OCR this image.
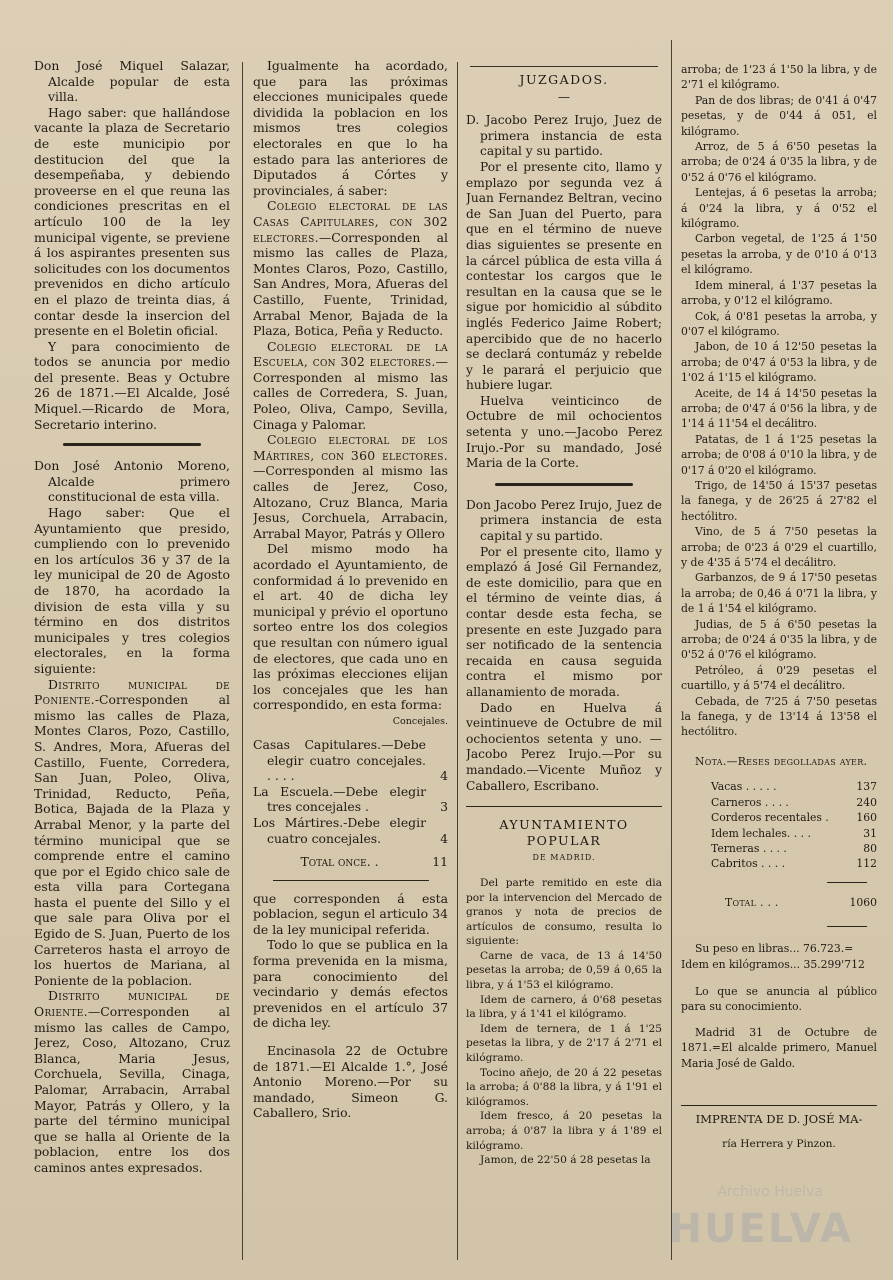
Don José Miquel Salazar, Alcalde popular de esta villa.

Hago saber: que hallándose vacante la plaza de Secretario de este municipio por destitucion del que la desempeñaba, y debiendo proveerse en el que reuna las condiciones prescritas en el artículo 100 de la ley municipal vigente, se previene á los aspirantes presenten sus solicitudes con los documentos prevenidos en dicho artículo en el plazo de treinta dias, á contar desde la insercion del presente en el Boletin oficial.

Y para conocimiento de todos se anuncia por medio del presente. Beas y Octubre 26 de 1871.—El Alcalde, José Miquel.—Ricardo de Mora, Secretario interino.

Don José Antonio Moreno, Alcalde primero constitucional de esta villa.

Hago saber: Que el Ayuntamiento que presido, cumpliendo con lo prevenido en los artículos 36 y 37 de la ley municipal de 20 de Agosto de 1870, ha acordado la division de esta villa y su término en dos distritos municipales y tres colegios electorales, en la forma siguiente:

Distrito municipal de Poniente.-Corresponden al mismo las calles de Plaza, Montes Claros, Pozo, Castillo, S. Andres, Mora, Afueras del Castillo, Fuente, Corredera, San Juan, Poleo, Oliva, Trinidad, Reducto, Peña, Botica, Bajada de la Plaza y Arrabal Menor, y la parte del término municipal que se comprende entre el camino que por el Egido chico sale de esta villa para Cortegana hasta el puente del Sillo y el que sale para Oliva por el Egido de S. Juan, Puerto de los Carreteros hasta el arroyo de los huertos de Mariana, al Poniente de la poblacion.

Distrito municipal de Oriente.—Corresponden al mismo las calles de Campo, Jerez, Coso, Altozano, Cruz Blanca, Maria Jesus, Corchuela, Sevilla, Cinaga, Palomar, Arrabacin, Arrabal Mayor, Patrás y Ollero, y la parte del término municipal que se halla al Oriente de la poblacion, entre los dos caminos antes expresados.

Igualmente ha acordado, que para las próximas elecciones municipales quede dividida la poblacion en los mismos tres colegios electorales en que lo ha estado para las anteriores de Diputados á Córtes y provinciales, á saber:

Colegio electoral de las Casas Capitulares, con 302 electores.—Corresponden al mismo las calles de Plaza, Montes Claros, Pozo, Castillo, San Andres, Mora, Afueras del Castillo, Fuente, Trinidad, Arrabal Menor, Bajada de la Plaza, Botica, Peña y Reducto.

Colegio electoral de la Escuela, con 302 electores.—Corresponden al mismo las calles de Corredera, S. Juan, Poleo, Oliva, Campo, Sevilla, Cinaga y Palomar.

Colegio electoral de los Mártires, con 360 electores.—Corresponden al mismo las calles de Jerez, Coso, Altozano, Cruz Blanca, Maria Jesus, Corchuela, Arrabacin, Arrabal Mayor, Patrás y Ollero

Del mismo modo ha acordado el Ayuntamiento, de conformidad á lo prevenido en el art. 40 de dicha ley municipal y prévio el oportuno sorteo entre los dos colegios que resultan con número igual de electores, que cada uno en las próximas elecciones elijan los concejales que les han correspondido, en esta forma:

Concejales.
Casas Capitulares.—Debe elegir cuatro concejales. . . . .	4
La Escuela.—Debe elegir tres concejales .	3
Los Mártires.-Debe elegir cuatro concejales.	4
Total once. .	11

que corresponden á esta poblacion, segun el articulo 34 de la ley municipal referida.

Todo lo que se publica en la forma prevenida en la misma, para conocimiento del vecindario y demás efectos prevenidos en el artículo 37 de dicha ley.

Encinasola 22 de Octubre de 1871.—El Alcalde 1.°, José Antonio Moreno.—Por su mandado, Simeon G. Caballero, Srio.

JUZGADOS.
—

D. Jacobo Perez Irujo, Juez de primera instancia de esta capital y su partido.

Por el presente cito, llamo y emplazo por segunda vez á Juan Fernandez Beltran, vecino de San Juan del Puerto, para que en el término de nueve dias siguientes se presente en la cárcel pública de esta villa á contestar los cargos que le resultan en la causa que se le sigue por homicidio al súbdito inglés Federico Jaime Robert; apercibido que de no hacerlo se declará contumáz y rebelde y le parará el perjuicio que hubiere lugar.

Huelva veinticinco de Octubre de mil ochocientos setenta y uno.—Jacobo Perez Irujo.-Por su mandado, José Maria de la Corte.

Don Jacobo Perez Irujo, Juez de primera instancia de esta capital y su partido.

Por el presente cito, llamo y emplazó á José Gil Fernandez, de este domicilio, para que en el término de veinte dias, á contar desde esta fecha, se presente en este Juzgado para ser notificado de la sentencia recaida en causa seguida contra el mismo por allanamiento de morada.

Dado en Huelva á veintinueve de Octubre de mil ochocientos setenta y uno. —Jacobo Perez Irujo.—Por su mandado.—Vicente Muñoz y Caballero, Escribano.

AYUNTAMIENTO POPULAR
DE MADRID.

Del parte remitido en este dia por la intervencion del Mercado de granos y nota de precios de artículos de consumo, resulta lo siguiente:

Carne de vaca, de 13 á 14'50 pesetas la arroba; de 0,59 á 0,65 la libra, y á 1'53 el kilógramo.

Idem de carnero, á 0'68 pesetas la libra, y á 1'41 el kilógramo.

Idem de ternera, de 1 á 1'25 pesetas la libra, y de 2'17 á 2'71 el kilógramo.

Tocino añejo, de 20 á 22 pesetas la arroba; á 0'88 la libra, y á 1'91 el kilógramos.

Idem fresco, á 20 pesetas la arroba; á 0'87 la libra y á 1'89 el kilógramo.

Jamon, de 22'50 á 28 pesetas la

arroba; de 1'23 á 1'50 la libra, y de 2'71 el kilógramo.

Pan de dos libras; de 0'41 á 0'47 pesetas, y de 0'44 á 051, el kilógramo.

Arroz, de 5 á 6'50 pesetas la arroba; de 0'24 á 0'35 la libra, y de 0'52 á 0'76 el kilógramo.

Lentejas, á 6 pesetas la arroba; á 0'24 la libra, y á 0'52 el kilógramo.

Carbon vegetal, de 1'25 á 1'50 pesetas la arroba, y de 0'10 á 0'13 el kilógramo.

Idem mineral, á 1'37 pesetas la arroba, y 0'12 el kilógramo.

Cok, á 0'81 pesetas la arroba, y 0'07 el kilógramo.

Jabon, de 10 á 12'50 pesetas la arroba; de 0'47 á 0'53 la libra, y de 1'02 á 1'15 el kilógramo.

Aceite, de 14 á 14'50 pesetas la arroba; de 0'47 á 0'56 la libra, y de 1'14 á 11'54 el decálitro.

Patatas, de 1 á 1'25 pesetas la arroba; de 0'08 á 0'10 la libra, y de 0'17 á 0'20 el kilógramo.

Trigo, de 14'50 á 15'37 pesetas la fanega, y de 26'25 á 27'82 el hectólitro.

Vino, de 5 á 7'50 pesetas la arroba; de 0'23 á 0'29 el cuartillo, y de 4'35 á 5'74 el decálitro.

Garbanzos, de 9 á 17'50 pesetas la arroba; de 0,46 á 0'71 la libra, y de 1 á 1'54 el kilógramo.

Judias, de 5 á 6'50 pesetas la arroba; de 0'24 á 0'35 la libra, y de 0'52 á 0'76 el kilógramo.

Petróleo, á 0'29 pesetas el cuartillo, y á 5'74 el decálitro.

Cebada, de 7'25 á 7'50 pesetas la fanega, y de 13'14 á 13'58 el hectólitro.

Nota.—Reses degolladas ayer.

Vacas . . . . .	137
Carneros . . . .	240
Corderos recentales .	160
Idem lechales. . . .	31
Terneras . . . .	80
Cabritos . . . .	112
Total . . .	1060

Su peso en libras... 76.723.=

Idem en kilógramos... 35.299'712

Lo que se anuncia al público para su conocimiento.

Madrid 31 de Octubre de 1871.=El alcalde primero, Manuel Maria José de Galdo.

IMPRENTA DE D. JOSÉ MA-
ría Herrera y Pinzon.
Archivo Huelva
HUELVA
